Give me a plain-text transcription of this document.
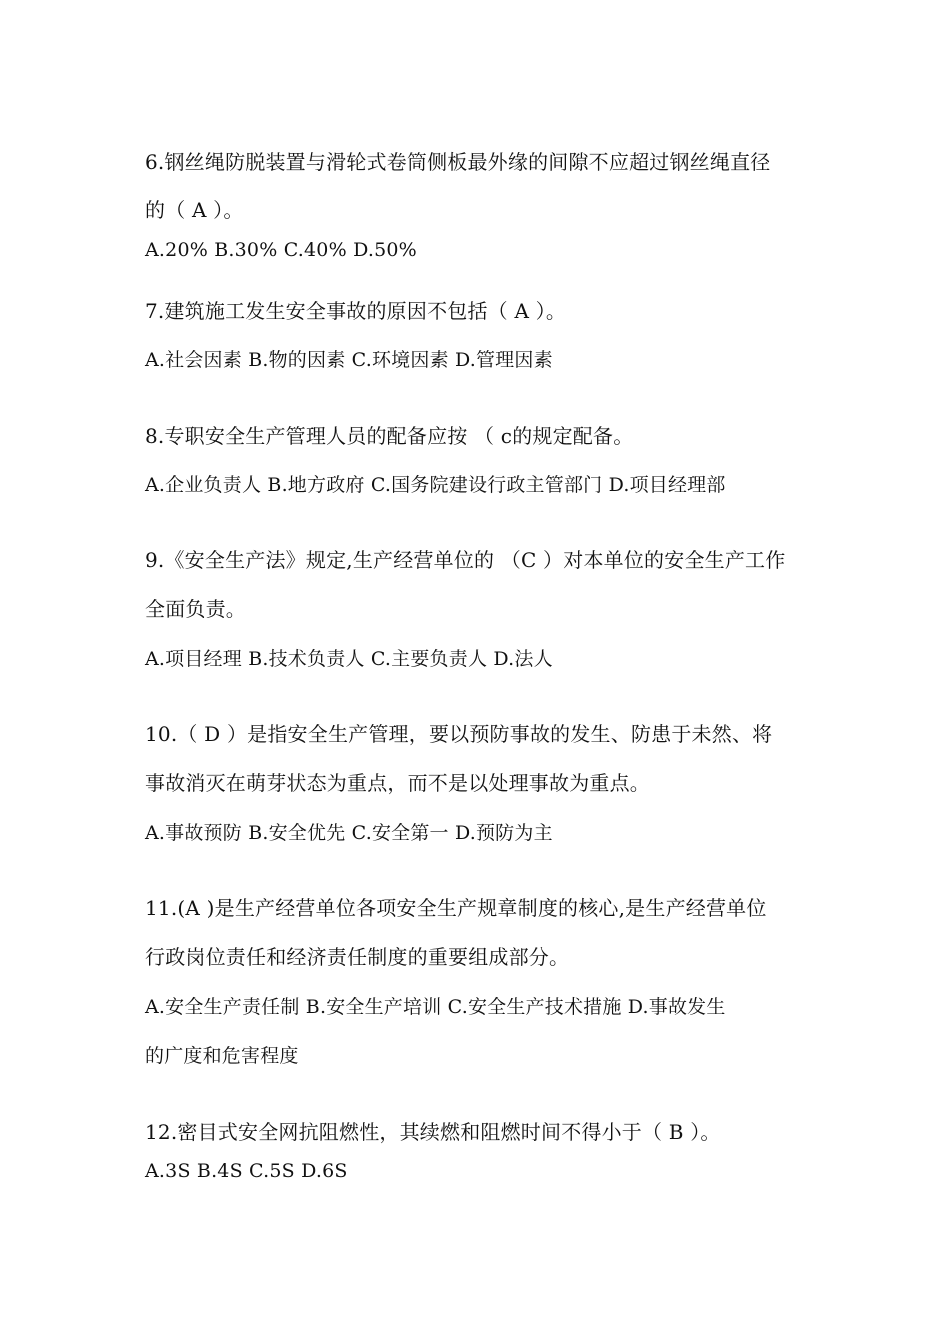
6.钢丝绳防脱装置与滑轮式卷筒侧板最外缘的间隙不应超过钢丝绳直径
的（ A ）。
A.20% B.30% C.40% D.50%
7.建筑施工发生安全事故的原因不包括（ A ）。
A.社会因素 B.物的因素 C.环境因素 D.管理因素
8.专职安全生产管理人员的配备应按 （ c的规定配备。
A.企业负责人 B.地方政府 C.国务院建设行政主管部门 D.项目经理部
9.《安全生产法》规定,生产经营单位的 （C ）对本单位的安全生产工作
全面负责。
A.项目经理 B.技术负责人 C.主要负责人 D.法人
10.（ D ）是指安全生产管理，要以预防事故的发生、防患于未然、将
事故消灭在萌芽状态为重点，而不是以处理事故为重点。
A.事故预防 B.安全优先 C.安全第一 D.预防为主
11.(A )是生产经营单位各项安全生产规章制度的核心,是生产经营单位
行政岗位责任和经济责任制度的重要组成部分。
A.安全生产责任制 B.安全生产培训 C.安全生产技术措施 D.事故发生
的广度和危害程度
12.密目式安全网抗阻燃性，其续燃和阻燃时间不得小于（ B ）。
A.3S B.4S C.5S D.6S
